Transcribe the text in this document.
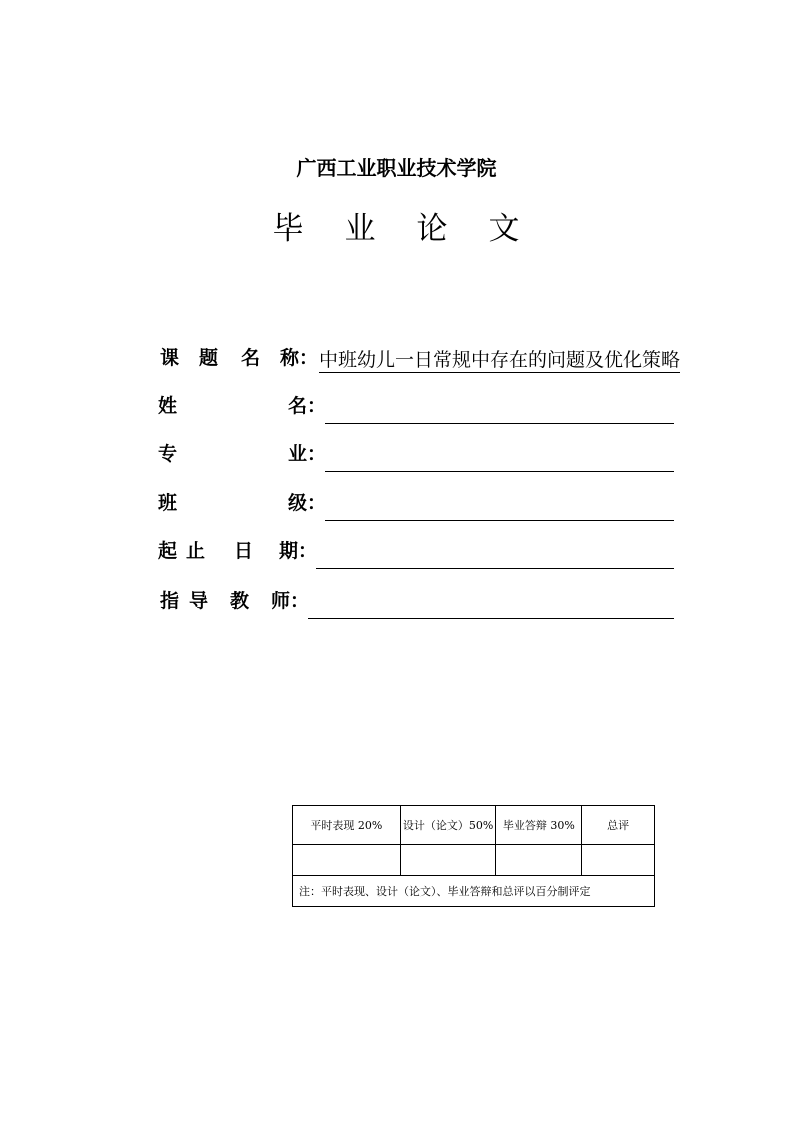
广西工业职业技术学院
毕 业 论 文
课 题 名 称： 中班幼儿一日常规中存在的问题及优化策略
姓	名：
专	业：
班	级：
起 止 日 期：
指 导 教 师：
平时表现 20%	设计（论文）50%	毕业答辩 30%	总评

注：平时表现、设计（论文）、毕业答辩和总评以百分制评定			
